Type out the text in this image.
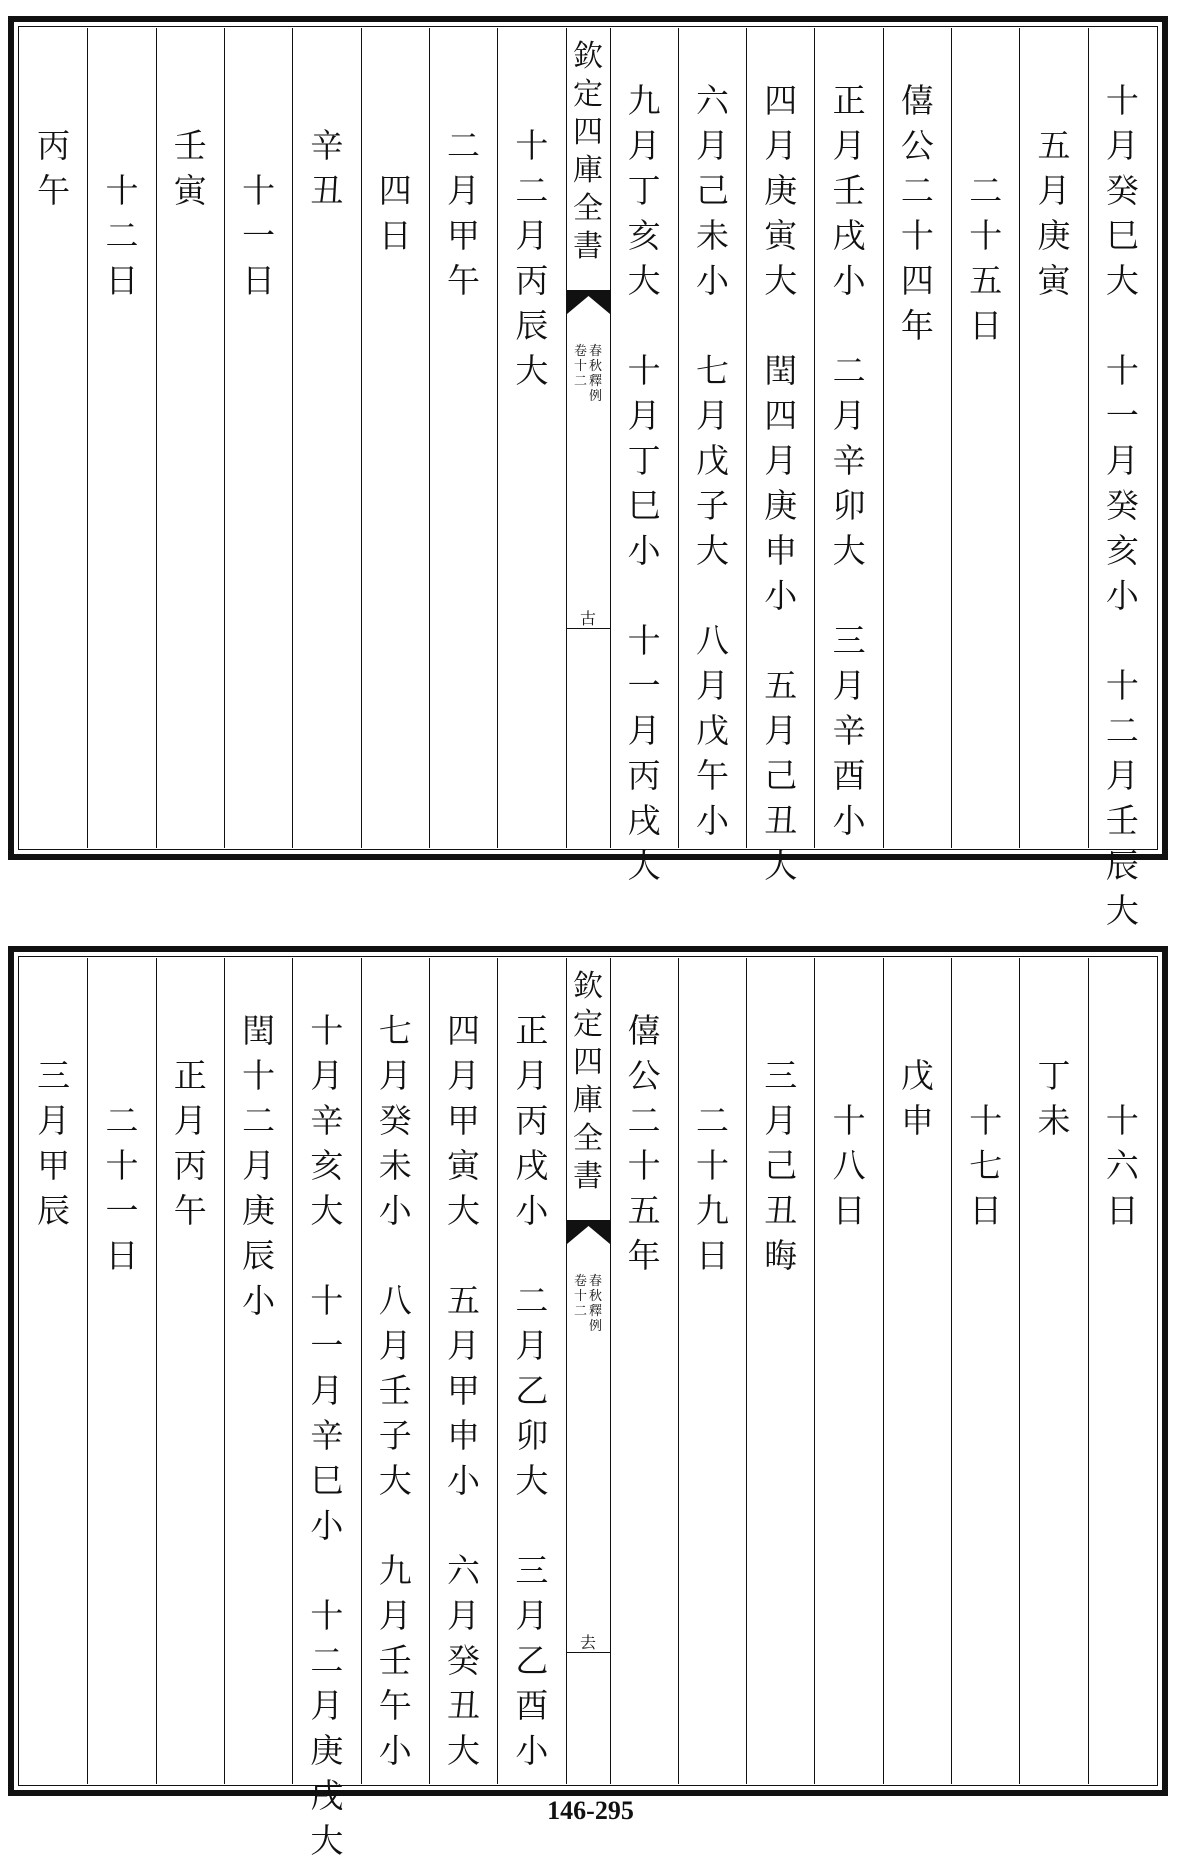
十
月
癸
巳
大

十
一
月
癸
亥
小

十
二
月
壬
辰
大

五
月
庚
寅

二
十
五
日
僖
公
二
十
四
年
正
月
壬
戌
小

二
月
辛
卯
大

三
月
辛
酉
小
四
月
庚
寅
大

閏
四
月
庚
申
小

五
月
己
丑
大
六
月
己
未
小

七
月
戊
子
大

八
月
戊
午
小
九
月
丁
亥
大

十
月
丁
巳
小

十
一
月
丙
戌
大
欽
定
四
庫
全
書
春
秋
釋
例
卷
十
二
古

十
二
月
丙
辰
大

二
月
甲
午

四
日

辛
丑

十
一
日

壬
寅

十
二
日

丙
午

十
六
日

丁
未

十
七
日

戊
申

十
八
日

三
月
己
丑
晦

二
十
九
日
僖
公
二
十
五
年
欽
定
四
庫
全
書
春
秋
釋
例
卷
十
二
去
正
月
丙
戌
小

二
月
乙
卯
大

三
月
乙
酉
小
四
月
甲
寅
大

五
月
甲
申
小

六
月
癸
丑
大
七
月
癸
未
小

八
月
壬
子
大

九
月
壬
午
小
十
月
辛
亥
大

十
一
月
辛
巳
小

十
二
月
庚
戌
大
閏
十
二
月
庚
辰
小

正
月
丙
午

二
十
一
日

三
月
甲
辰
146-295
